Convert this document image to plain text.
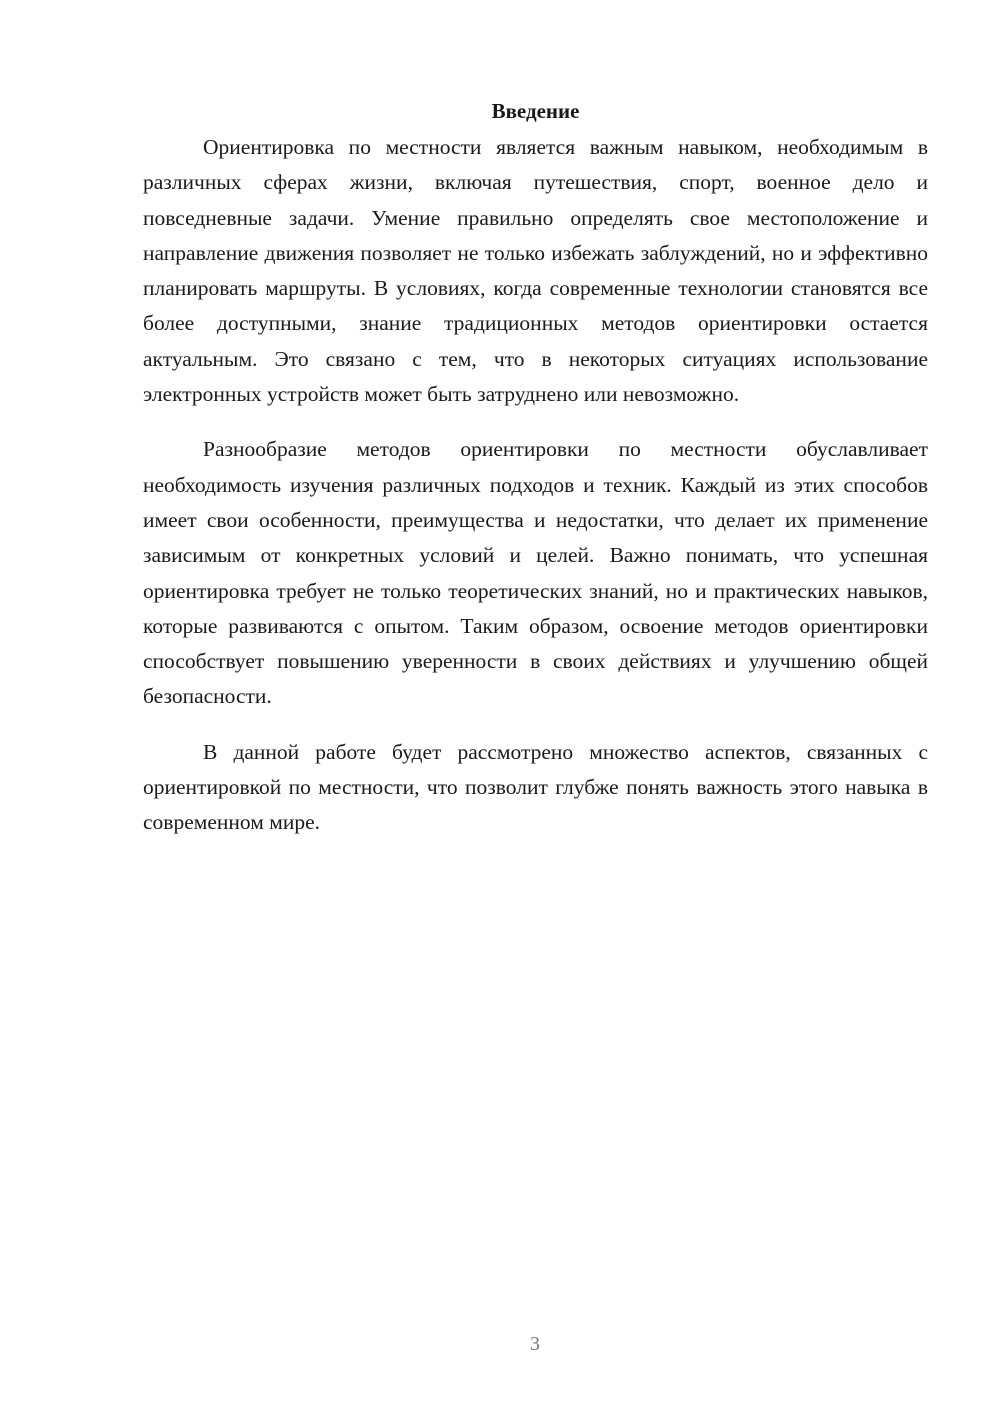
Введение

Ориентировка по местности является важным навыком, необходимым в различных сферах жизни, включая путешествия, спорт, военное дело и повседневные задачи. Умение правильно определять свое местоположение и направление движения позволяет не только избежать заблуждений, но и эффективно планировать маршруты. В условиях, когда современные технологии становятся все более доступными, знание традиционных методов ориентировки остается актуальным. Это связано с тем, что в некоторых ситуациях использование электронных устройств может быть затруднено или невозможно.

Разнообразие методов ориентировки по местности обуславливает необходимость изучения различных подходов и техник. Каждый из этих способов имеет свои особенности, преимущества и недостатки, что делает их применение зависимым от конкретных условий и целей. Важно понимать, что успешная ориентировка требует не только теоретических знаний, но и практических навыков, которые развиваются с опытом. Таким образом, освоение методов ориентировки способствует повышению уверенности в своих действиях и улучшению общей безопасности.

В данной работе будет рассмотрено множество аспектов, связанных с ориентировкой по местности, что позволит глубже понять важность этого навыка в современном мире.

3
